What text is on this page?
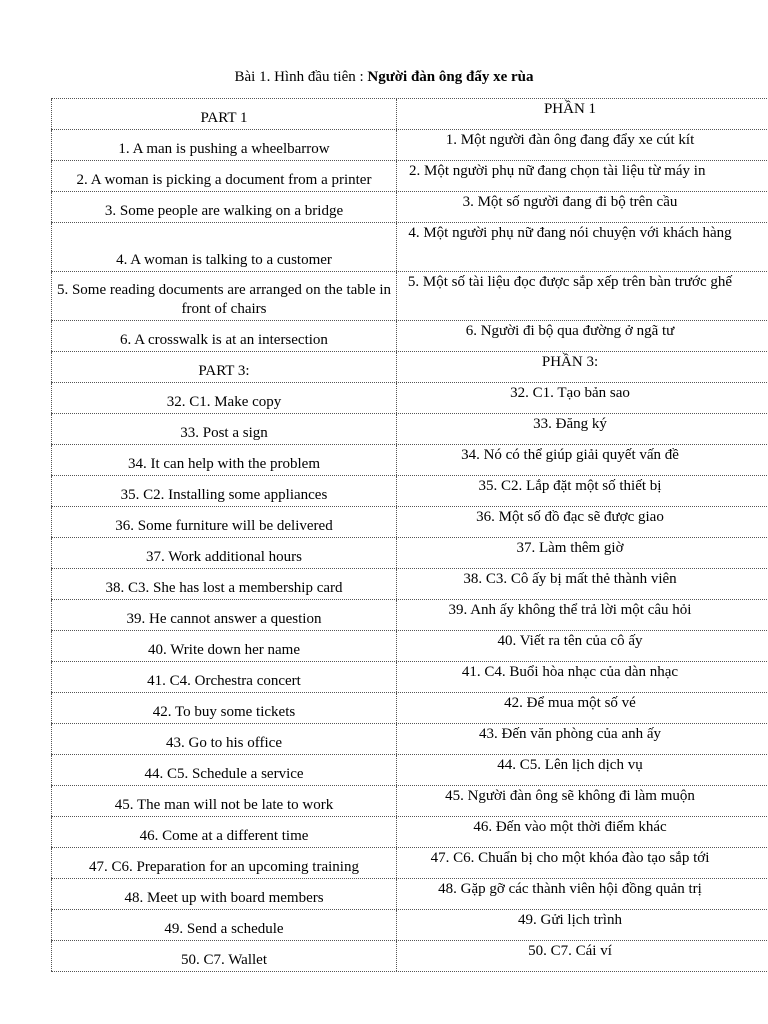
Bài 1. Hình đầu tiên : Người đàn ông đẩy xe rùa
PART 1
PHẦN 1
1. A man is pushing a wheelbarrow
1. Một người đàn ông đang đẩy xe cút kít
2. A woman is picking a document from a printer
2. Một người phụ nữ đang chọn tài liệu từ máy in
3. Some people are walking on a bridge
3. Một số người đang đi bộ trên cầu
4. A woman is talking to a customer
4. Một người phụ nữ đang nói chuyện với khách hàng
5. Some reading documents are arranged on the table in front of chairs
5. Một số tài liệu đọc được sắp xếp trên bàn trước ghế
6. A crosswalk is at an intersection
6. Người đi bộ qua đường ở ngã tư
PART 3:
PHẦN 3:
32. C1. Make copy
32. C1. Tạo bản sao
33. Post a sign
33. Đăng ký
34. It can help with the problem
34. Nó có thể giúp giải quyết vấn đề
35. C2. Installing some appliances
35. C2. Lắp đặt một số thiết bị
36. Some furniture will be delivered
36. Một số đồ đạc sẽ được giao
37. Work additional hours
37. Làm thêm giờ
38. C3. She has lost a membership card
38. C3. Cô ấy bị mất thẻ thành viên
39. He cannot answer a question
39. Anh ấy không thể trả lời một câu hỏi
40. Write down her name
40. Viết ra tên của cô ấy
41. C4. Orchestra concert
41. C4. Buổi hòa nhạc của dàn nhạc
42. To buy some tickets
42. Để mua một số vé
43. Go to his office
43. Đến văn phòng của anh ấy
44. C5. Schedule a service
44. C5. Lên lịch dịch vụ
45. The man will not be late to work
45. Người đàn ông sẽ không đi làm muộn
46. Come at a different time
46. Đến vào một thời điểm khác
47. C6. Preparation for an upcoming training
47. C6. Chuẩn bị cho một khóa đào tạo sắp tới
48. Meet up with board members
48. Gặp gỡ các thành viên hội đồng quản trị
49. Send a schedule
49. Gửi lịch trình
50. C7. Wallet
50. C7. Cái ví
